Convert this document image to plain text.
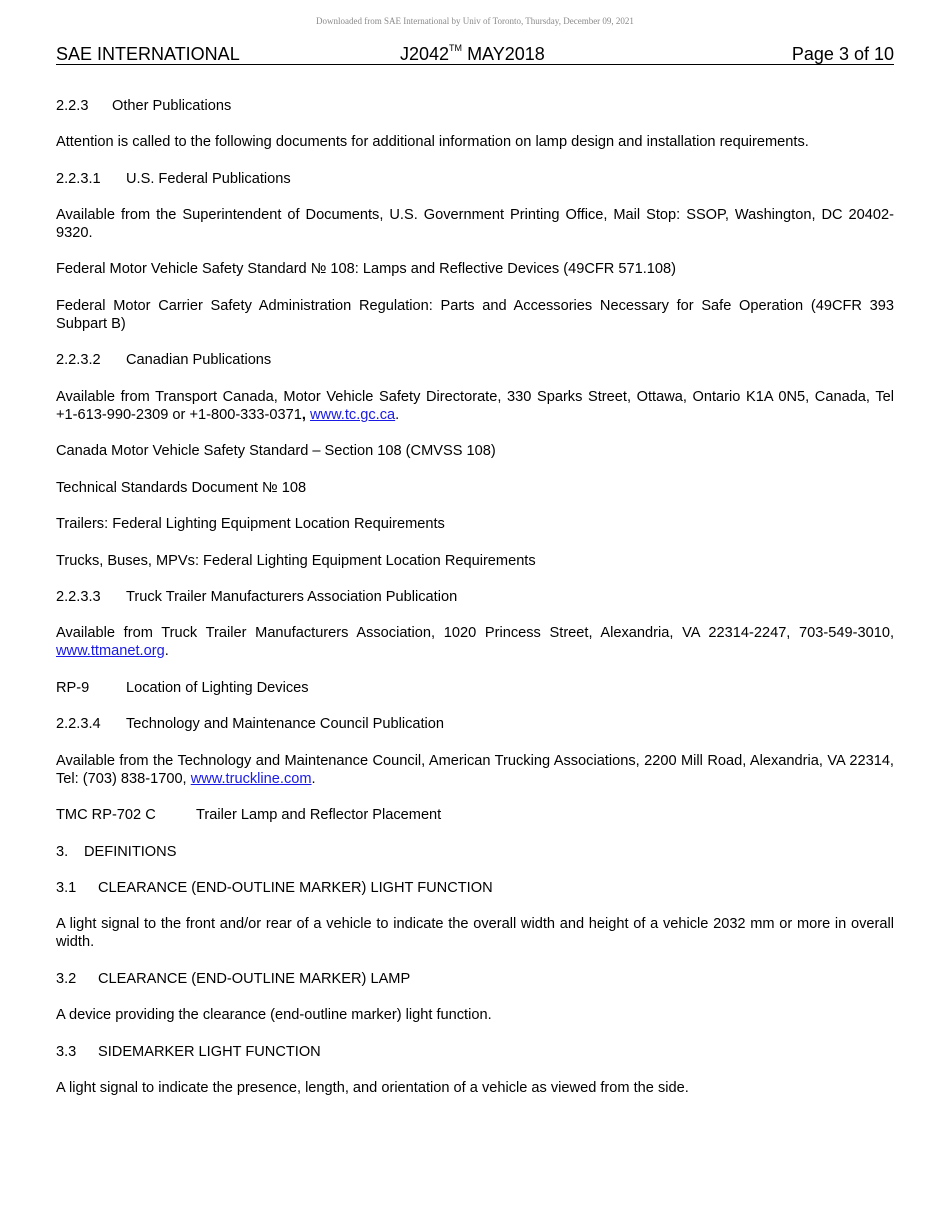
Downloaded from SAE International by Univ of Toronto, Thursday, December 09, 2021
SAE INTERNATIONAL	J2042™ MAY2018	Page 3 of 10
2.2.3 Other Publications
Attention is called to the following documents for additional information on lamp design and installation requirements.
2.2.3.1 U.S. Federal Publications
Available from the Superintendent of Documents, U.S. Government Printing Office, Mail Stop: SSOP, Washington, DC 20402-9320.
Federal Motor Vehicle Safety Standard № 108: Lamps and Reflective Devices (49CFR 571.108)
Federal Motor Carrier Safety Administration Regulation: Parts and Accessories Necessary for Safe Operation (49CFR 393 Subpart B)
2.2.3.2 Canadian Publications
Available from Transport Canada, Motor Vehicle Safety Directorate, 330 Sparks Street, Ottawa, Ontario K1A 0N5, Canada, Tel +1-613-990-2309 or +1-800-333-0371, www.tc.gc.ca.
Canada Motor Vehicle Safety Standard – Section 108 (CMVSS 108)
Technical Standards Document № 108
Trailers: Federal Lighting Equipment Location Requirements
Trucks, Buses, MPVs: Federal Lighting Equipment Location Requirements
2.2.3.3 Truck Trailer Manufacturers Association Publication
Available from Truck Trailer Manufacturers Association, 1020 Princess Street, Alexandria, VA 22314-2247, 703-549-3010, www.ttmanet.org.
RP-9	Location of Lighting Devices
2.2.3.4 Technology and Maintenance Council Publication
Available from the Technology and Maintenance Council, American Trucking Associations, 2200 Mill Road, Alexandria, VA 22314, Tel: (703) 838-1700, www.truckline.com.
TMC RP-702 C	Trailer Lamp and Reflector Placement
3. DEFINITIONS
3.1 CLEARANCE (END-OUTLINE MARKER) LIGHT FUNCTION
A light signal to the front and/or rear of a vehicle to indicate the overall width and height of a vehicle 2032 mm or more in overall width.
3.2 CLEARANCE (END-OUTLINE MARKER) LAMP
A device providing the clearance (end-outline marker) light function.
3.3 SIDEMARKER LIGHT FUNCTION
A light signal to indicate the presence, length, and orientation of a vehicle as viewed from the side.
